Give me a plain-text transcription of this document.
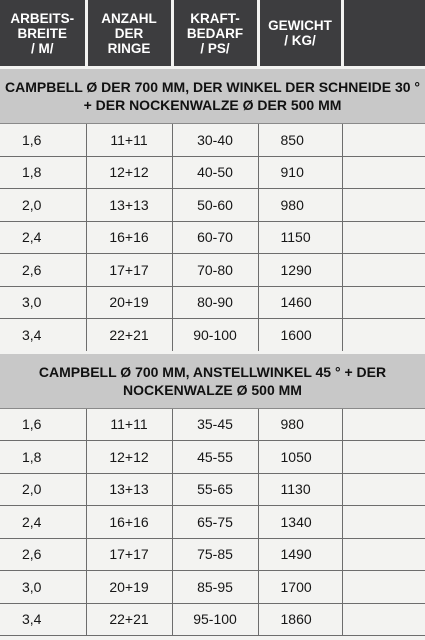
ARBEITS-
BREITE
/ M/	ANZAHL
DER
RINGE	KRAFT-
BEDARF
/ PS/	GEWICHT
/ KG/	
CAMPBELL Ø DER 700 MM, DER WINKEL DER SCHNEIDE 30 ° + DER NOCKENWALZE Ø DER 500 MM				
1,6	11+11	30-40	850	
1,8	12+12	40-50	910	
2,0	13+13	50-60	980	
2,4	16+16	60-70	1150	
2,6	17+17	70-80	1290	
3,0	20+19	80-90	1460	
3,4	22+21	90-100	1600	
CAMPBELL Ø 700 MM, ANSTELLWINKEL 45 ° + DER NOCKENWALZE Ø 500 MM				
1,6	11+11	35-45	980	
1,8	12+12	45-55	1050	
2,0	13+13	55-65	1130	
2,4	16+16	65-75	1340	
2,6	17+17	75-85	1490	
3,0	20+19	85-95	1700	
3,4	22+21	95-100	1860	
